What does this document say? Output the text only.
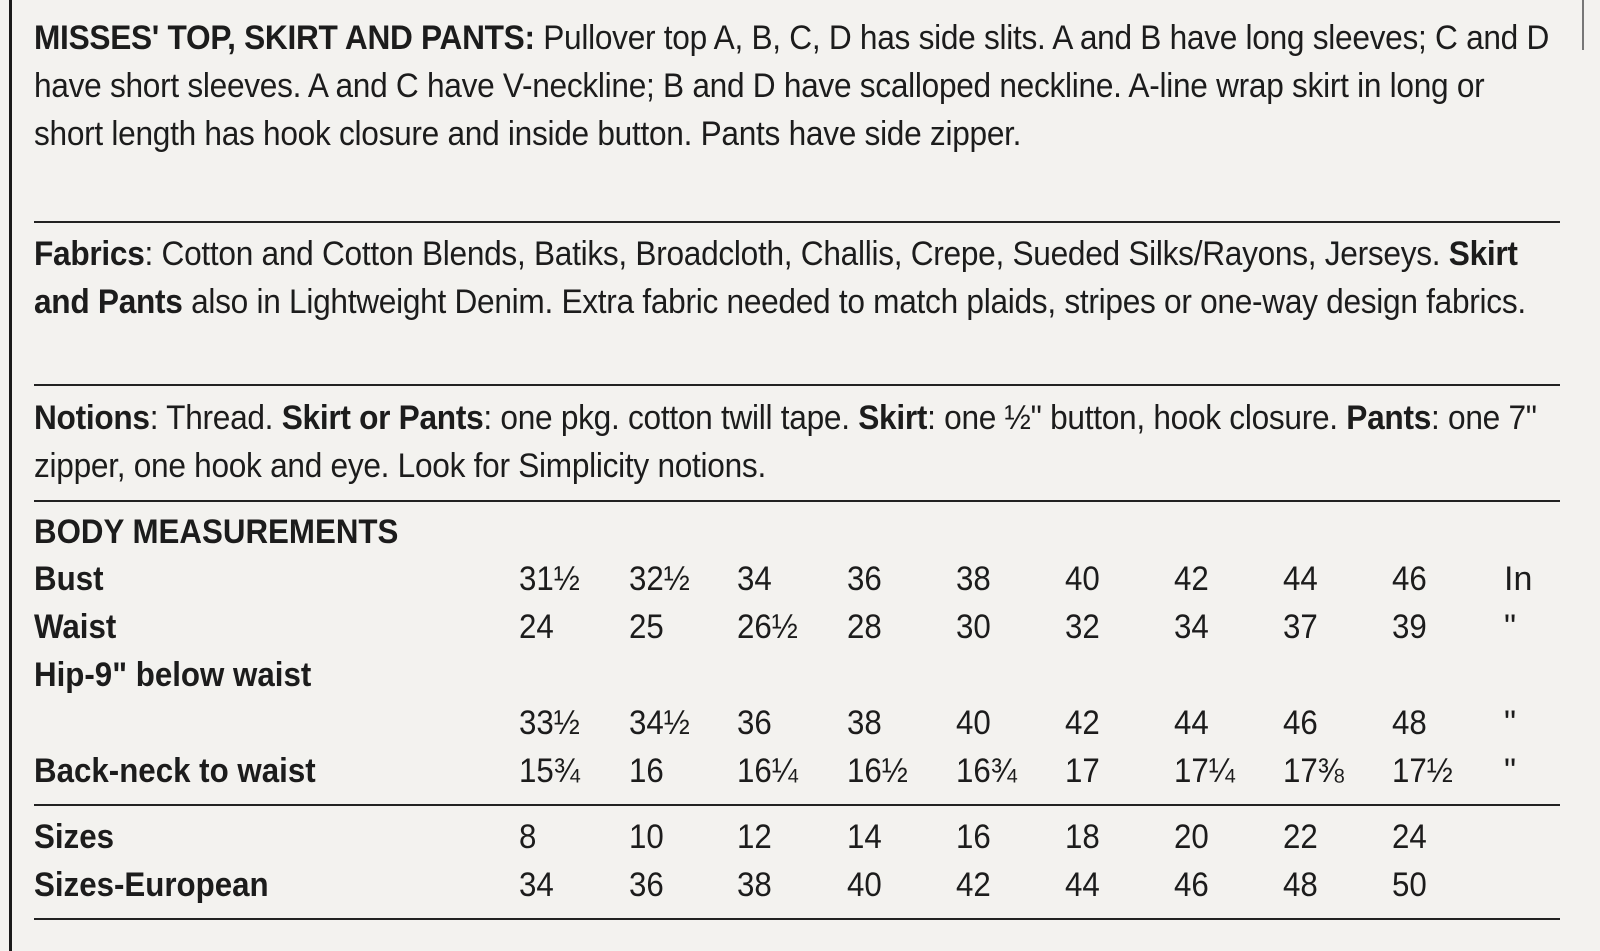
MISSES' TOP, SKIRT AND PANTS: Pullover top A, B, C, D has side slits. A and B have long sleeves; C and D have short sleeves. A and C have V-neckline; B and D have scalloped neckline. A-line wrap skirt in long or short length has hook closure and inside button. Pants have side zipper.
Fabrics: Cotton and Cotton Blends, Batiks, Broadcloth, Challis, Crepe, Sueded Silks/Rayons, Jerseys. Skirt and Pants also in Lightweight Denim. Extra fabric needed to match plaids, stripes or one-way design fabrics.
Notions: Thread. Skirt or Pants: one pkg. cotton twill tape. Skirt: one ½" button, hook closure. Pants: one 7" zipper, one hook and eye. Look for Simplicity notions.
BODY MEASUREMENTS
Bust	31½ 32½ 34 36 38 40 42 44 46 In
Waist	24 25 26½ 28 30 32 34 37 39 "
Hip-9" below waist
33½ 34½ 36 38 40 42 44 46 48 "
Back-neck to waist	15¾ 16 16¼ 16½ 16¾ 17 17¼ 17⅜ 17½ "
Sizes	8	10 12 14 16 18 20 22 24
Sizes-European	34 36 38 40 42 44 46 48 50
